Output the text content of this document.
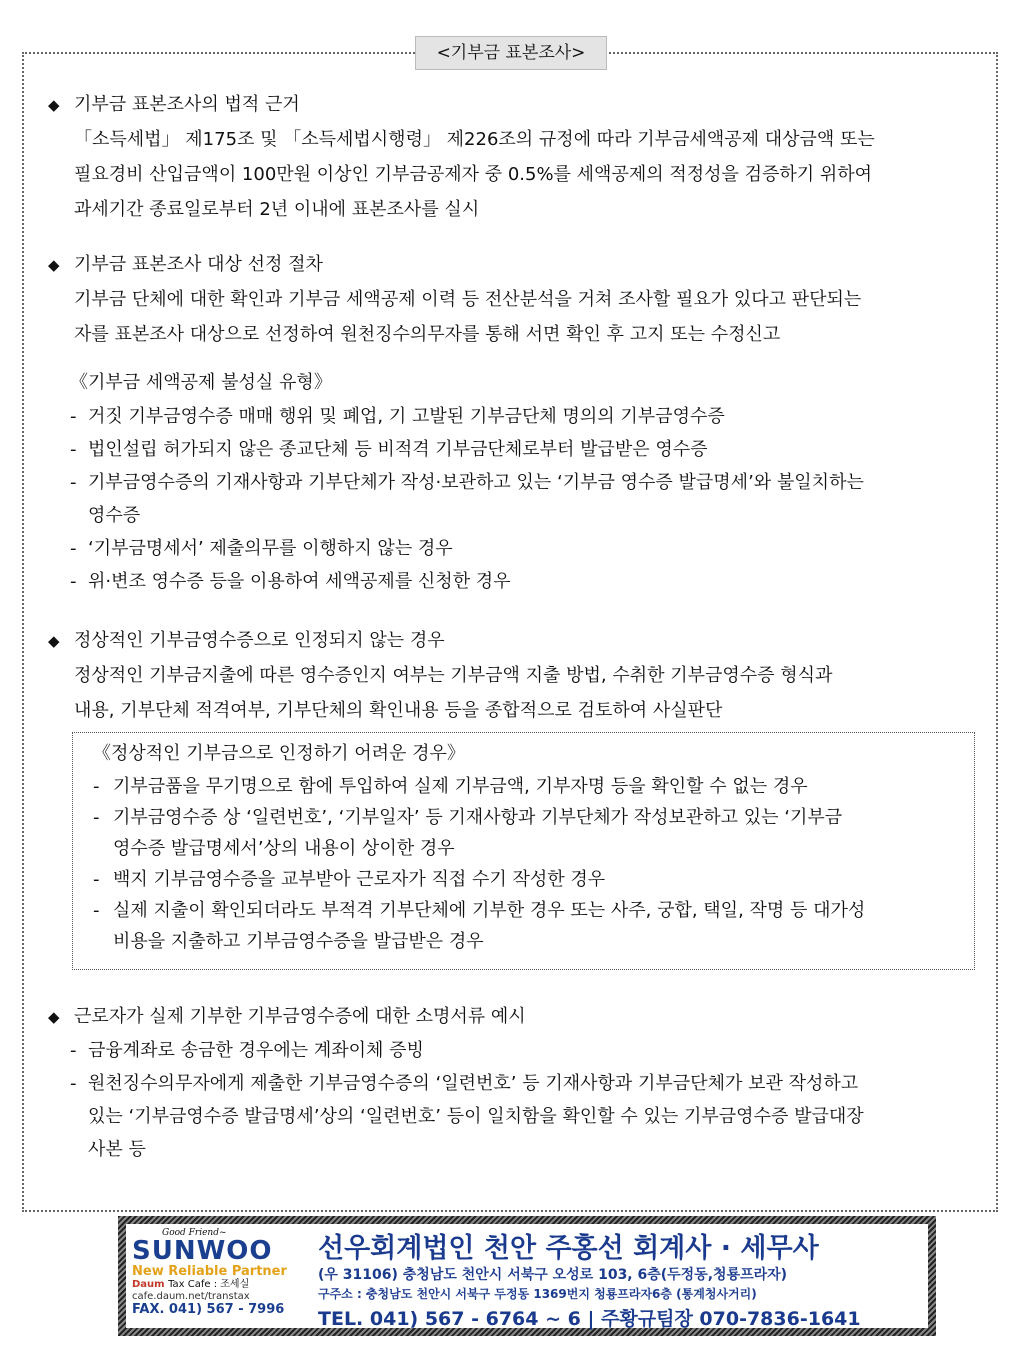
<기부금 표본조사>
◆ 기부금 표본조사의 법적 근거
「소득세법」 제175조 및 「소득세법시행령」 제226조의 규정에 따라 기부금세액공제 대상금액 또는
필요경비 산입금액이 100만원 이상인 기부금공제자 중 0.5%를 세액공제의 적정성을 검증하기 위하여
과세기간 종료일로부터 2년 이내에 표본조사를 실시
◆ 기부금 표본조사 대상 선정 절차
기부금 단체에 대한 확인과 기부금 세액공제 이력 등 전산분석을 거쳐 조사할 필요가 있다고 판단되는
자를 표본조사 대상으로 선정하여 원천징수의무자를 통해 서면 확인 후 고지 또는 수정신고
《기부금 세액공제 불성실 유형》
- 거짓 기부금영수증 매매 행위 및 폐업, 기 고발된 기부금단체 명의의 기부금영수증
- 법인설립 허가되지 않은 종교단체 등 비적격 기부금단체로부터 발급받은 영수증
- 기부금영수증의 기재사항과 기부단체가 작성·보관하고 있는 ‘기부금 영수증 발급명세’와 불일치하는
영수증
- ‘기부금명세서’ 제출의무를 이행하지 않는 경우
- 위·변조 영수증 등을 이용하여 세액공제를 신청한 경우
◆ 정상적인 기부금영수증으로 인정되지 않는 경우
정상적인 기부금지출에 따른 영수증인지 여부는 기부금액 지출 방법, 수취한 기부금영수증 형식과
내용, 기부단체 적격여부, 기부단체의 확인내용 등을 종합적으로 검토하여 사실판단
《정상적인 기부금으로 인정하기 어려운 경우》
- 기부금품을 무기명으로 함에 투입하여 실제 기부금액, 기부자명 등을 확인할 수 없는 경우
- 기부금영수증 상 ‘일련번호’, ‘기부일자’ 등 기재사항과 기부단체가 작성보관하고 있는 ‘기부금
영수증 발급명세서’상의 내용이 상이한 경우
- 백지 기부금영수증을 교부받아 근로자가 직접 수기 작성한 경우
- 실제 지출이 확인되더라도 부적격 기부단체에 기부한 경우 또는 사주, 궁합, 택일, 작명 등 대가성
비용을 지출하고 기부금영수증을 발급받은 경우
◆ 근로자가 실제 기부한 기부금영수증에 대한 소명서류 예시
- 금융계좌로 송금한 경우에는 계좌이체 증빙
- 원천징수의무자에게 제출한 기부금영수증의 ‘일련번호’ 등 기재사항과 기부금단체가 보관 작성하고
있는 ‘기부금영수증 발급명세’상의 ‘일련번호’ 등이 일치함을 확인할 수 있는 기부금영수증 발급대장
사본 등
Good Friend~
SUNWOO
New Reliable Partner
Daum Tax Cafe : 조세실
cafe.daum.net/transtax
FAX. 041) 567 - 7996
선우회계법인 천안 주홍선 회계사 · 세무사
(우 31106) 충청남도 천안시 서북구 오성로 103, 6층(두정동,청룡프라자)
구주소 : 충청남도 천안시 서북구 두정동 1369번지 청룡프라자6층 (통계청사거리)
TEL. 041) 567 - 6764 ~ 6 | 주황규팀장 070-7836-1641
